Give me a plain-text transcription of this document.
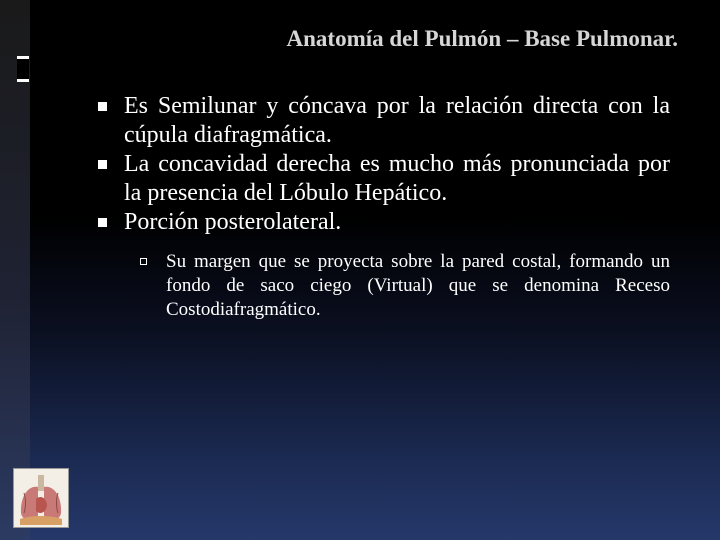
Anatomía del Pulmón – Base Pulmonar.
Es Semilunar y cóncava por la relación directa con la cúpula diafragmática.
La concavidad derecha es mucho más pronunciada por la presencia del Lóbulo Hepático.
Porción posterolateral.
Su margen que se proyecta sobre la pared costal, formando un fondo de saco ciego (Virtual) que se denomina Receso Costodiafragmático.
